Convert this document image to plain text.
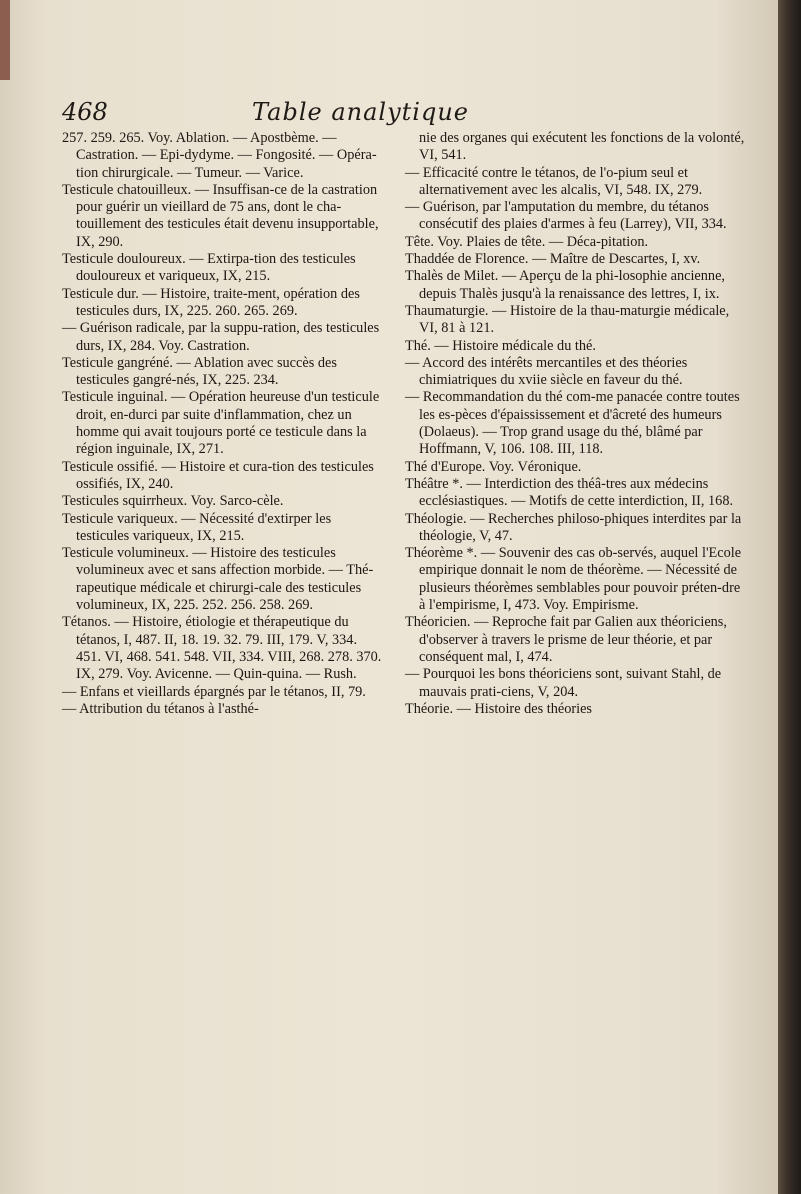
468	Table analytique

257. 259. 265. Voy. Ablation. — Apostbème. — Castration. — Epi-dydyme. — Fongosité. — Opéra-tion chirurgicale. — Tumeur. — Varice.

Testicule chatouilleux. — Insuffisan-ce de la castration pour guérir un vieillard de 75 ans, dont le cha-touillement des testicules était devenu insupportable, IX, 290.

Testicule douloureux. — Extirpa-tion des testicules douloureux et variqueux, IX, 215.

Testicule dur. — Histoire, traite-ment, opération des testicules durs, IX, 225. 260. 265. 269.

— Guérison radicale, par la suppu-ration, des testicules durs, IX, 284. Voy. Castration.

Testicule gangréné. — Ablation avec succès des testicules gangré-nés, IX, 225. 234.

Testicule inguinal. — Opération heureuse d'un testicule droit, en-durci par suite d'inflammation, chez un homme qui avait toujours porté ce testicule dans la région inguinale, IX, 271.

Testicule ossifié. — Histoire et cura-tion des testicules ossifiés, IX, 240.

Testicules squirrheux. Voy. Sarco-cèle.

Testicule variqueux. — Nécessité d'extirper les testicules variqueux, IX, 215.

Testicule volumineux. — Histoire des testicules volumineux avec et sans affection morbide. — Thé-rapeutique médicale et chirurgi-cale des testicules volumineux, IX, 225. 252. 256. 258. 269.

Tétanos. — Histoire, étiologie et thérapeutique du tétanos, I, 487. II, 18. 19. 32. 79. III, 179. V, 334. 451. VI, 468. 541. 548. VII, 334. VIII, 268. 278. 370. IX, 279. Voy. Avicenne. — Quin-quina. — Rush.

— Enfans et vieillards épargnés par le tétanos, II, 79.

— Attribution du tétanos à l'asthé-

nie des organes qui exécutent les fonctions de la volonté, VI, 541.

— Efficacité contre le tétanos, de l'o-pium seul et alternativement avec les alcalis, VI, 548. IX, 279.

— Guérison, par l'amputation du membre, du tétanos consécutif des plaies d'armes à feu (Larrey), VII, 334.

Tête. Voy. Plaies de tête. — Déca-pitation.

Thaddée de Florence. — Maître de Descartes, I, xv.

Thalès de Milet. — Aperçu de la phi-losophie ancienne, depuis Thalès jusqu'à la renaissance des lettres, I, ix.

Thaumaturgie. — Histoire de la thau-maturgie médicale, VI, 81 à 121.

Thé. — Histoire médicale du thé.

— Accord des intérêts mercantiles et des théories chimiatriques du xviie siècle en faveur du thé.

— Recommandation du thé com-me panacée contre toutes les es-pèces d'épaississement et d'âcreté des humeurs (Dolaeus). — Trop grand usage du thé, blâmé par Hoffmann, V, 106. 108. III, 118.

Thé d'Europe. Voy. Véronique.

Théâtre *. — Interdiction des théâ-tres aux médecins ecclésiastiques. — Motifs de cette interdiction, II, 168.

Théologie. — Recherches philoso-phiques interdites par la théologie, V, 47.

Théorème *. — Souvenir des cas ob-servés, auquel l'Ecole empirique donnait le nom de théorème. — Nécessité de plusieurs théorèmes semblables pour pouvoir préten-dre à l'empirisme, I, 473. Voy. Empirisme.

Théoricien. — Reproche fait par Galien aux théoriciens, d'observer à travers le prisme de leur théorie, et par conséquent mal, I, 474.

— Pourquoi les bons théoriciens sont, suivant Stahl, de mauvais prati-ciens, V, 204.

Théorie. — Histoire des théories
